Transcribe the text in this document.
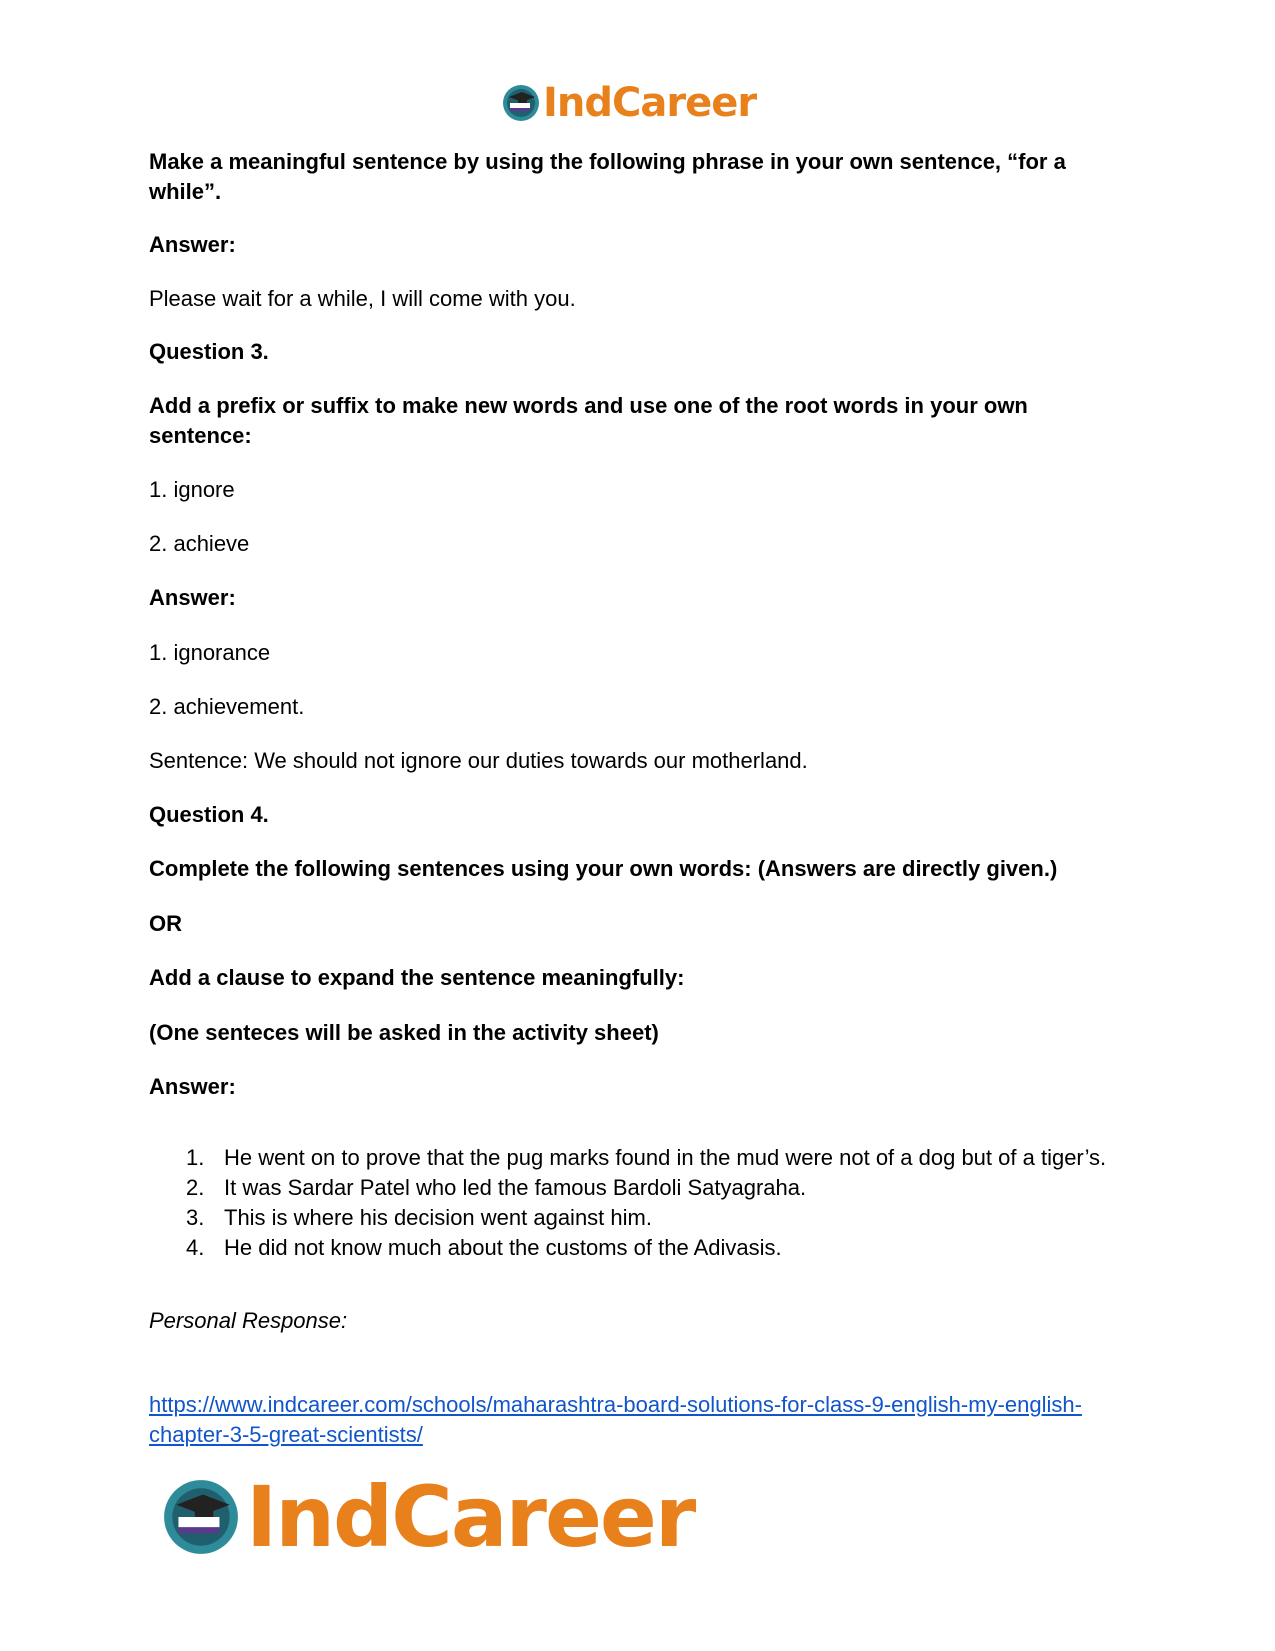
IndCareer

Make a meaningful sentence by using the following phrase in your own sentence, “for a while”.

Answer:

Please wait for a while, I will come with you.

Question 3.

Add a prefix or suffix to make new words and use one of the root words in your own sentence:

1. ignore

2. achieve

Answer:

1. ignorance

2. achievement.

Sentence: We should not ignore our duties towards our motherland.

Question 4.

Complete the following sentences using your own words: (Answers are directly given.)

OR

Add a clause to expand the sentence meaningfully:

(One senteces will be asked in the activity sheet)

Answer:

1. He went on to prove that the pug marks found in the mud were not of a dog but of a tiger’s.
2. It was Sardar Patel who led the famous Bardoli Satyagraha.
3. This is where his decision went against him.
4. He did not know much about the customs of the Adivasis.

Personal Response:

https://www.indcareer.com/schools/maharashtra-board-solutions-for-class-9-english-my-english-chapter-3-5-great-scientists/
IndCareer
